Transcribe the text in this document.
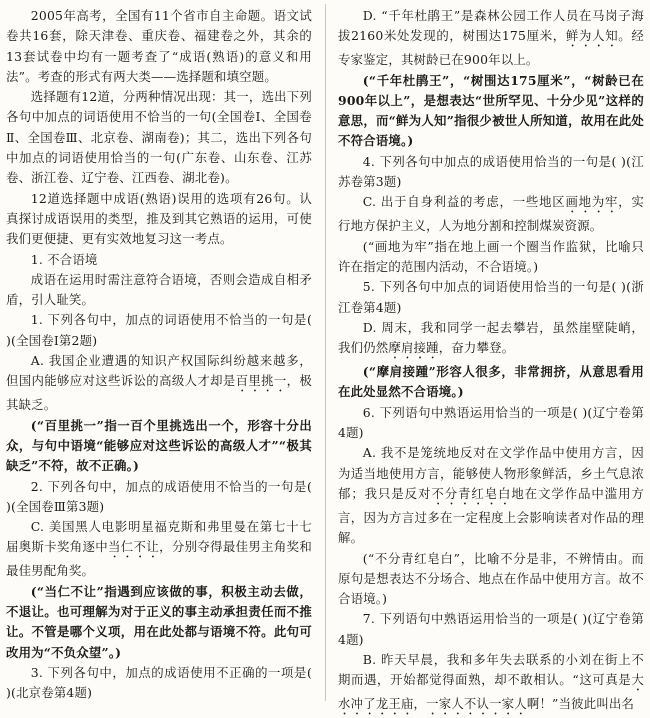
2005年高考，全国有11个省市自主命题。语文试卷共16套，除天津卷、重庆卷、福建卷之外，其余的13套试卷中均有一题考查了“成语(熟语)的意义和用法”。考查的形式有两大类——选择题和填空题。

选择题有12道，分两种情况出现：其一，选出下列各句中加点的词语使用不恰当的一句(全国卷Ⅰ、全国卷Ⅱ、全国卷Ⅲ、北京卷、湖南卷)；其二，选出下列各句中加点的词语使用恰当的一句(广东卷、山东卷、江苏卷、浙江卷、辽宁卷、江西卷、湖北卷)。

12道选择题中成语(熟语)误用的选项有26句。认真探讨成语误用的类型，推及到其它熟语的运用，可使我们更便捷、更有实效地复习这一考点。

1. 不合语境

成语在运用时需注意符合语境，否则会造成自相矛盾，引人耻笑。

1. 下列各句中，加点的词语使用不恰当的一句是( )(全国卷Ⅰ第2题)

A. 我国企业遭遇的知识产权国际纠纷越来越多，但国内能够应对这些诉讼的高级人才却是百里挑一，极其缺乏。

(“百里挑一”指一百个里挑选出一个，形容十分出众，与句中语境“能够应对这些诉讼的高级人才”“极其缺乏”不符，故不正确。)

2. 下列各句中，加点的成语使用不恰当的一句是( )(全国卷Ⅲ第3题)

C. 美国黑人电影明星福克斯和弗里曼在第七十七届奥斯卡奖角逐中当仁不让，分别夺得最佳男主角奖和最佳男配角奖。

(“当仁不让”指遇到应该做的事，积极主动去做，不退让。也可理解为对于正义的事主动承担责任而不推让。不管是哪个义项，用在此处都与语境不符。此句可改用为“不负众望”。)

3. 下列各句中，加点的成语使用不正确的一项是( )(北京卷第4题)

D. “千年杜鹃王”是森林公园工作人员在马岗子海拔2160米处发现的，树围达175厘米，鲜为人知。经专家鉴定，其树龄已在900年以上。

(“千年杜鹃王”，“树围达175厘米”，“树龄已在900年以上”，是想表达“世所罕见、十分少见”这样的意思，而“鲜为人知”指很少被世人所知道，故用在此处不符合语境。)

4. 下列各句中加点的成语使用恰当的一句是( )(江苏卷第3题)

C. 出于自身利益的考虑，一些地区画地为牢，实行地方保护主义，人为地分割和控制煤炭资源。

(“画地为牢”指在地上画一个圈当作监狱，比喻只许在指定的范围内活动，不合语境。)

5. 下列各句中加点的词语使用恰当的一句是( )(浙江卷第4题)

D. 周末，我和同学一起去攀岩，虽然崖壁陡峭，我们仍然摩肩接踵，奋力攀登。

(“摩肩接踵”形容人很多，非常拥挤，从意思看用在此处显然不合语境。)

6. 下列语句中熟语运用恰当的一项是( )(辽宁卷第4题)

A. 我不是笼统地反对在文学作品中使用方言，因为适当地使用方言，能够使人物形象鲜活，乡土气息浓郁；我只是反对不分青红皂白地在文学作品中滥用方言，因为方言过多在一定程度上会影响读者对作品的理解。

(“不分青红皂白”，比喻不分是非，不辨情由。而原句是想表达不分场合、地点在作品中使用方言。故不合语境。)

7. 下列语句中熟语运用恰当的一项是( )(辽宁卷第4题)

B. 昨天早晨，我和多年失去联系的小刘在街上不期而遇，开始都觉得面熟，却不敢相认。“这可真是大水冲了龙王庙，一家人不认一家人啊！”当彼此叫出名
